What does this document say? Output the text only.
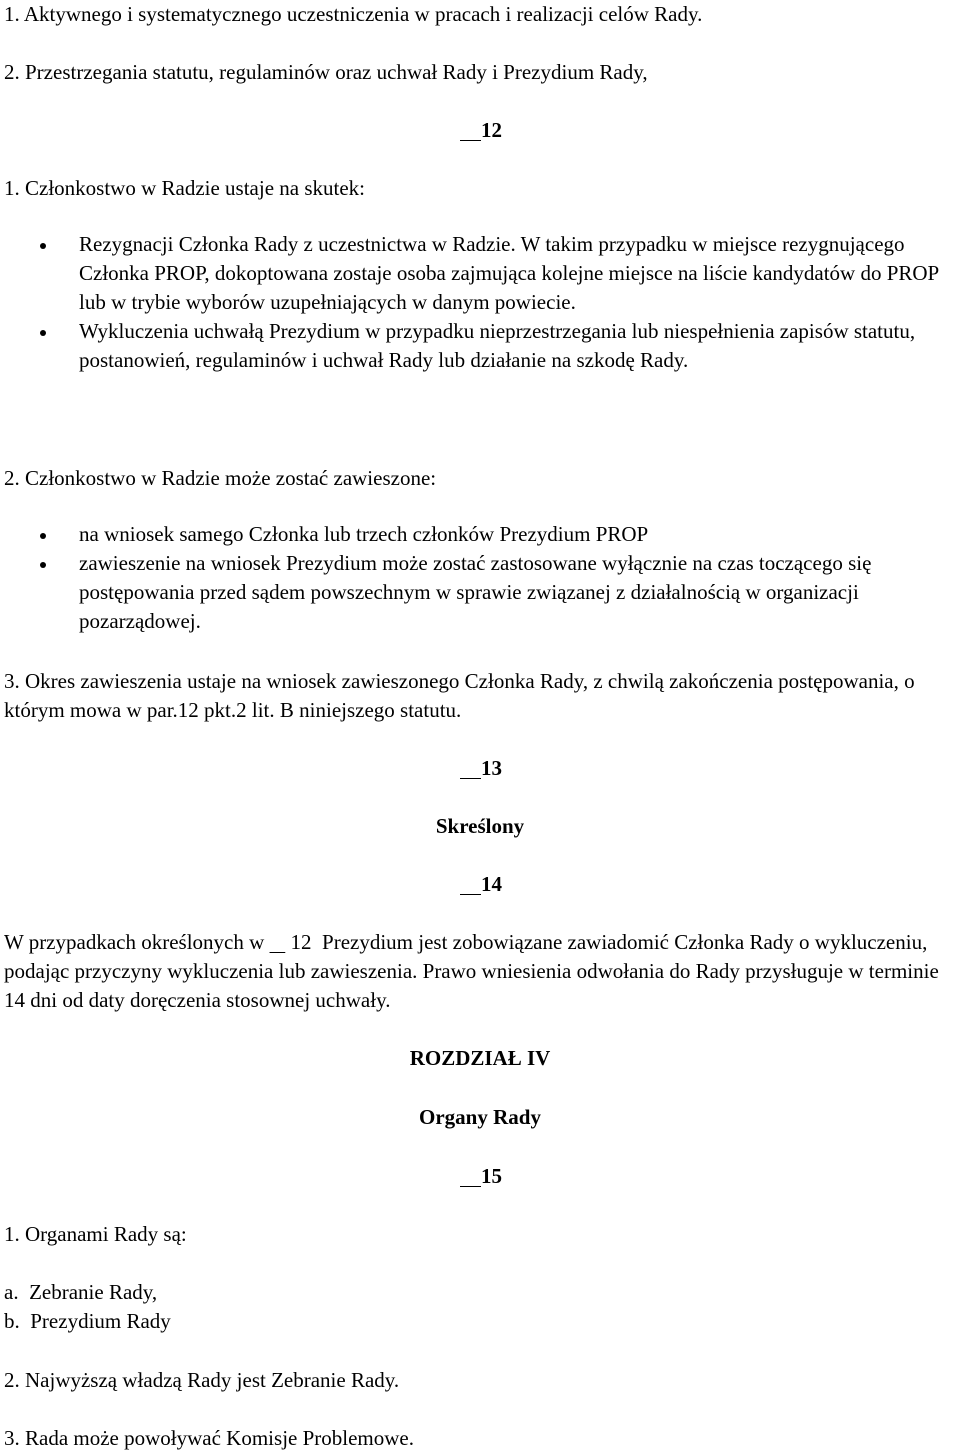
1. Aktywnego i systematycznego uczestniczenia w pracach i realizacji celów Rady.
2. Przestrzegania statutu, regulaminów oraz uchwał Rady i Prezydium Rady,
12
1. Członkostwo w Radzie ustaje na skutek:
Rezygnacji Członka Rady z uczestnictwa w Radzie. W takim przypadku w miejsce rezygnującego Członka PROP, dokoptowana zostaje osoba zajmująca kolejne miejsce na liście kandydatów do PROP lub w trybie wyborów uzupełniających w danym powiecie.
Wykluczenia uchwałą Prezydium w przypadku nieprzestrzegania lub niespełnienia zapisów statutu, postanowień, regulaminów i uchwał Rady lub działanie na szkodę Rady.
2. Członkostwo w Radzie może zostać zawieszone:
na wniosek samego Członka lub trzech członków Prezydium PROP
zawieszenie na wniosek Prezydium może zostać zastosowane wyłącznie na czas toczącego się postępowania przed sądem powszechnym w sprawie związanej z działalnością w organizacji pozarządowej.
3. Okres zawieszenia ustaje na wniosek zawieszonego Członka Rady, z chwilą zakończenia postępowania, o którym mowa w par.12 pkt.2 lit. B niniejszego statutu.
13
Skreślony
14
W przypadkach określonych w     12  Prezydium jest zobowiązane zawiadomić Członka Rady o wykluczeniu, podając przyczyny wykluczenia lub zawieszenia. Prawo wniesienia odwołania do Rady przysługuje w terminie 14 dni od daty doręczenia stosownej uchwały.
ROZDZIAŁ IV
Organy Rady
15
1. Organami Rady są:
a.  Zebranie Rady,
b.  Prezydium Rady
2. Najwyższą władzą Rady jest Zebranie Rady.
3. Rada może powoływać Komisje Problemowe.
